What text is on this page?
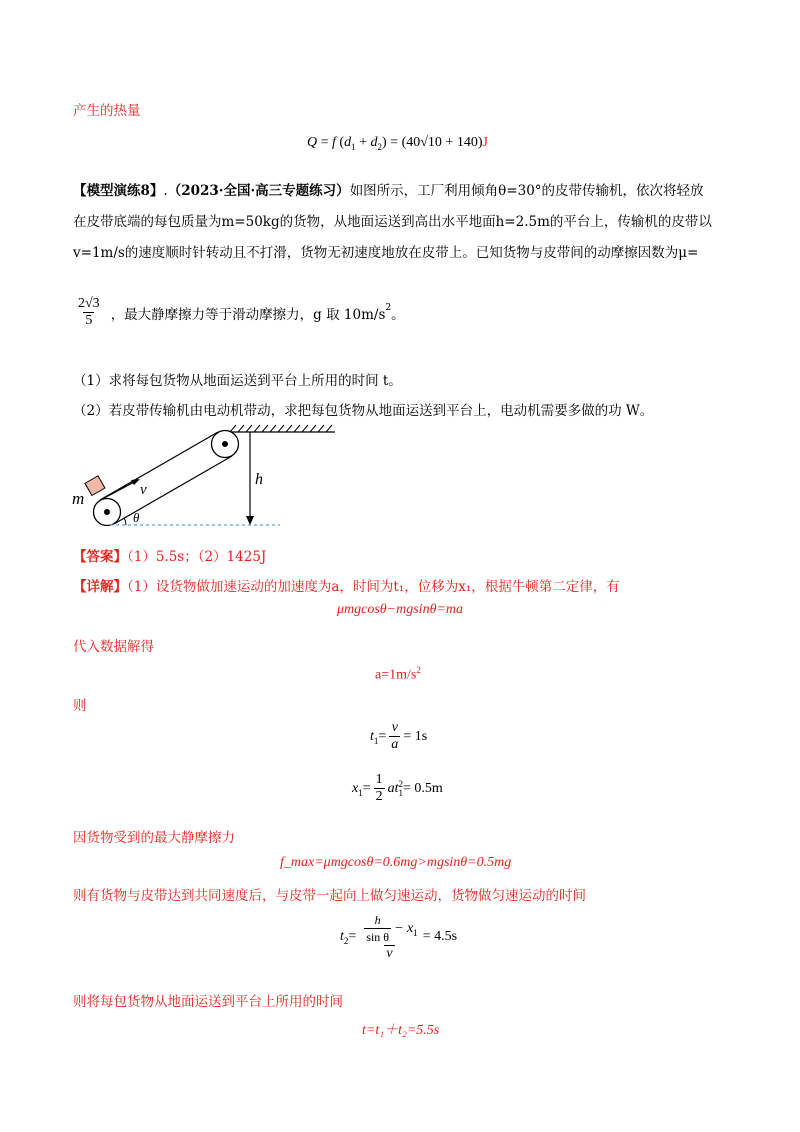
产生的热量
Q = f $(d_1 + d_2) = (40√10 + 140)J$
【模型演练8】.（2023·全国·高三专题练习）如图所示，工厂利用倾角θ=30°的皮带传输机，依次将轻放
在皮带底端的每包质量为m=50kg的货物，从地面运送到高出水平地面h=2.5m的平台上，传输机的皮带以
v=1m/s的速度顺时针转动且不打滑，货物无初速度地放在皮带上。已知货物与皮带间的动摩擦因数为μ=
$\frac{2√3}{5}$ ，最大静摩擦力等于滑动摩擦力，g 取 $10m/s^2$ 。
（1）求将每包货物从地面运送到平台上所用的时间 t。
（2）若皮带传输机由电动机带动，求把每包货物从地面运送到平台上，电动机需要多做的功 W。
m	v
h
θ
【答案】（1）5.5s；（2）1425J
【详解】（1）设货物做加速运动的加速度为a，时间为t₁，位移为x₁，根据牛顿第二定律，有
μmgcosθ−mgsinθ=ma
代入数据解得
$a=1m/s^2$
则
$t_1 = \frac{v}{a} = 1s$
$x_1 = \frac{1}{2}$ at 2
1 = 0.5m
因货物受到的最大静摩擦力
f_max=μmgcosθ=0.6mg>mgsinθ=0.5mg
则有货物与皮带达到共同速度后，与皮带一起向上做匀速运动，货物做匀速运动的时间
$t_2 = \frac{\frac{h}{\text{sin θ}} - x_1}{v} = 4.5s$
则将每包货物从地面运送到平台上所用的时间
t=t₁＋t₂=5.5s
